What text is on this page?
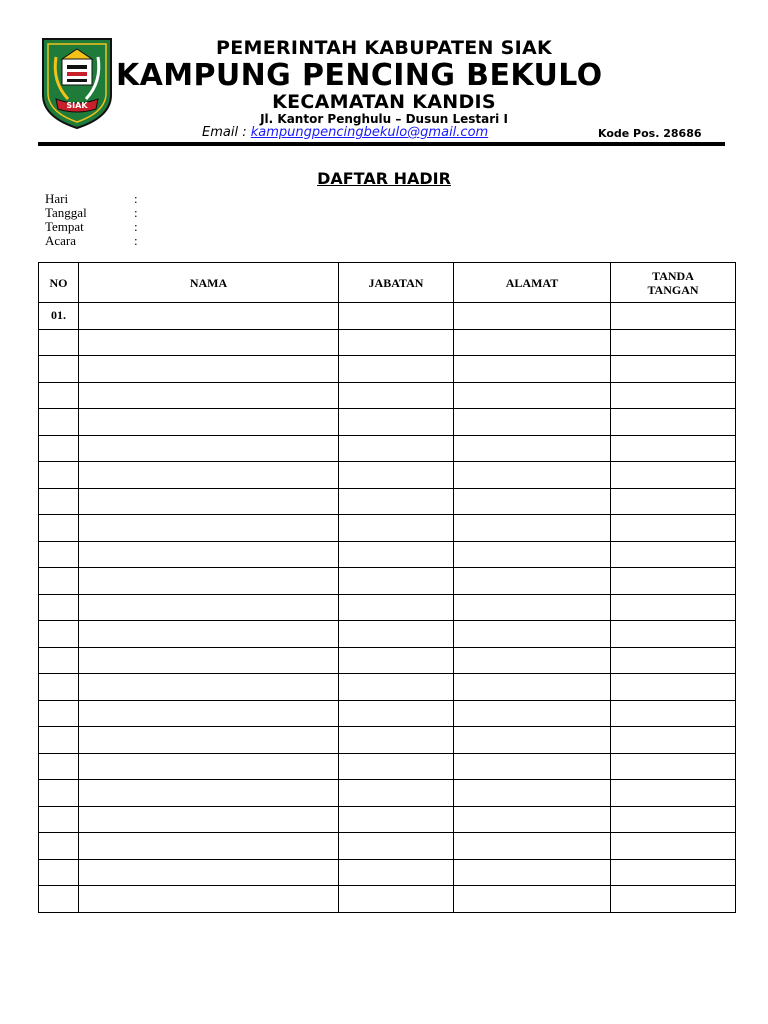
SIAK
PEMERINTAH KABUPATEN SIAK
KAMPUNG PENCING BEKULO
KECAMATAN KANDIS
Jl. Kantor Penghulu – Dusun Lestari I
Email : kampungpencingbekulo@gmail.com	Kode Pos. 28686
DAFTAR HADIR
Hari	:
Tanggal	:
Tempat	:
Acara	:
NO	NAMA	JABATAN	ALAMAT	TANDA TANGAN
01.				
